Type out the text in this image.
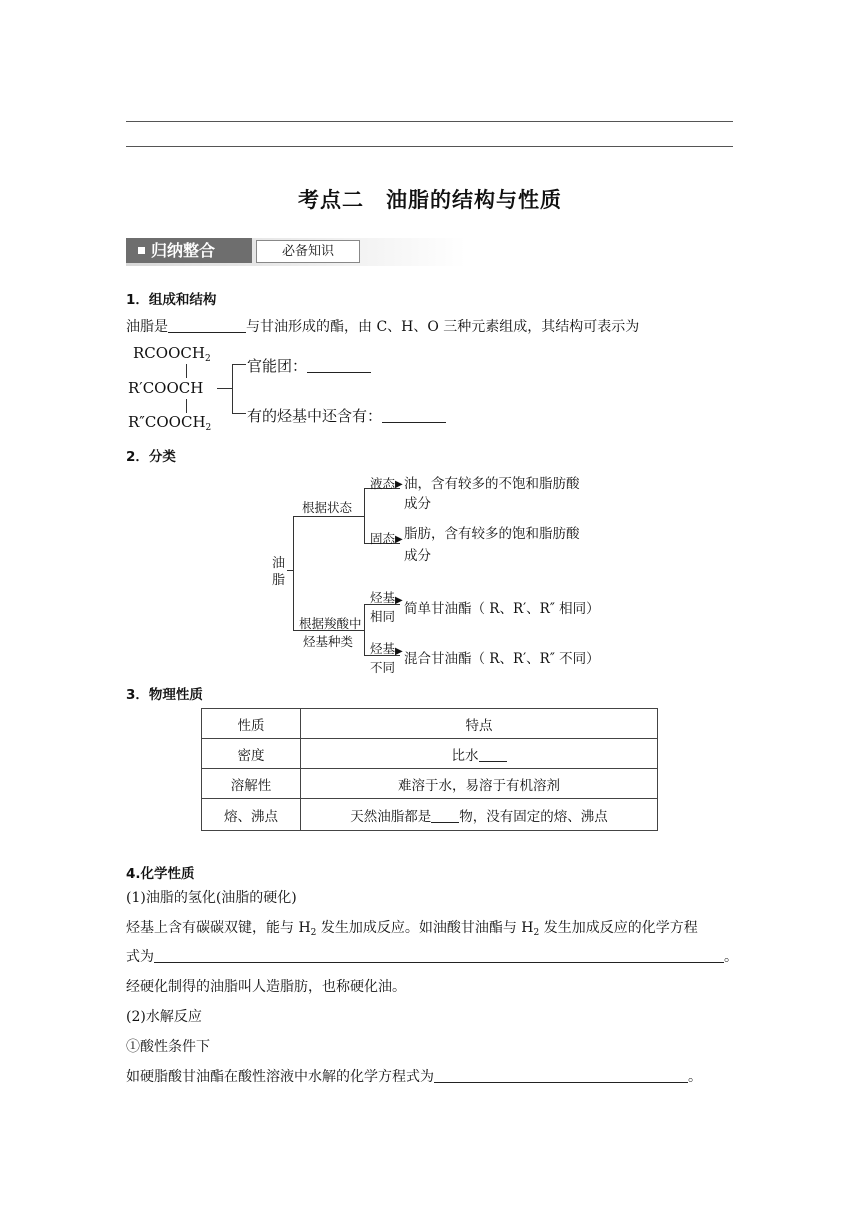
考点二　油脂的结构与性质
归纳整合	必备知识
1．组成和结构
油脂是	与甘油形成的酯，由 C、H、O 三种元素组成，其结构可表示为
$RCOOCH_2$
R′COOCH
$R''COOCH_2$
官能团：
有的烃基中还含有：
2．分类
油
脂
根据状态
根据羧酸中
烃基种类
▶
▶
液态
固态
油，含有较多的不饱和脂肪酸
成分
脂肪，含有较多的饱和脂肪酸
成分
▶
▶
烃基
相同
烃基
不同
简单甘油酯（ R、R′、R″ 相同）
混合甘油酯（ R、R′、R″ 不同）
3．物理性质
性质	特点
密度	比水
溶解性	难溶于水，易溶于有机溶剂
熔、沸点	天然油脂都是 物，没有固定的熔、沸点
4.化学性质
(1)油脂的氢化(油脂的硬化)
烃基上含有碳碳双键，能与 $H_2$ 发生加成反应。如油酸甘油酯与 $H_2$ 发生加成反应的化学方程
式为	。
经硬化制得的油脂叫人造脂肪，也称硬化油。
(2)水解反应
①酸性条件下
如硬脂酸甘油酯在酸性溶液中水解的化学方程式为	。
